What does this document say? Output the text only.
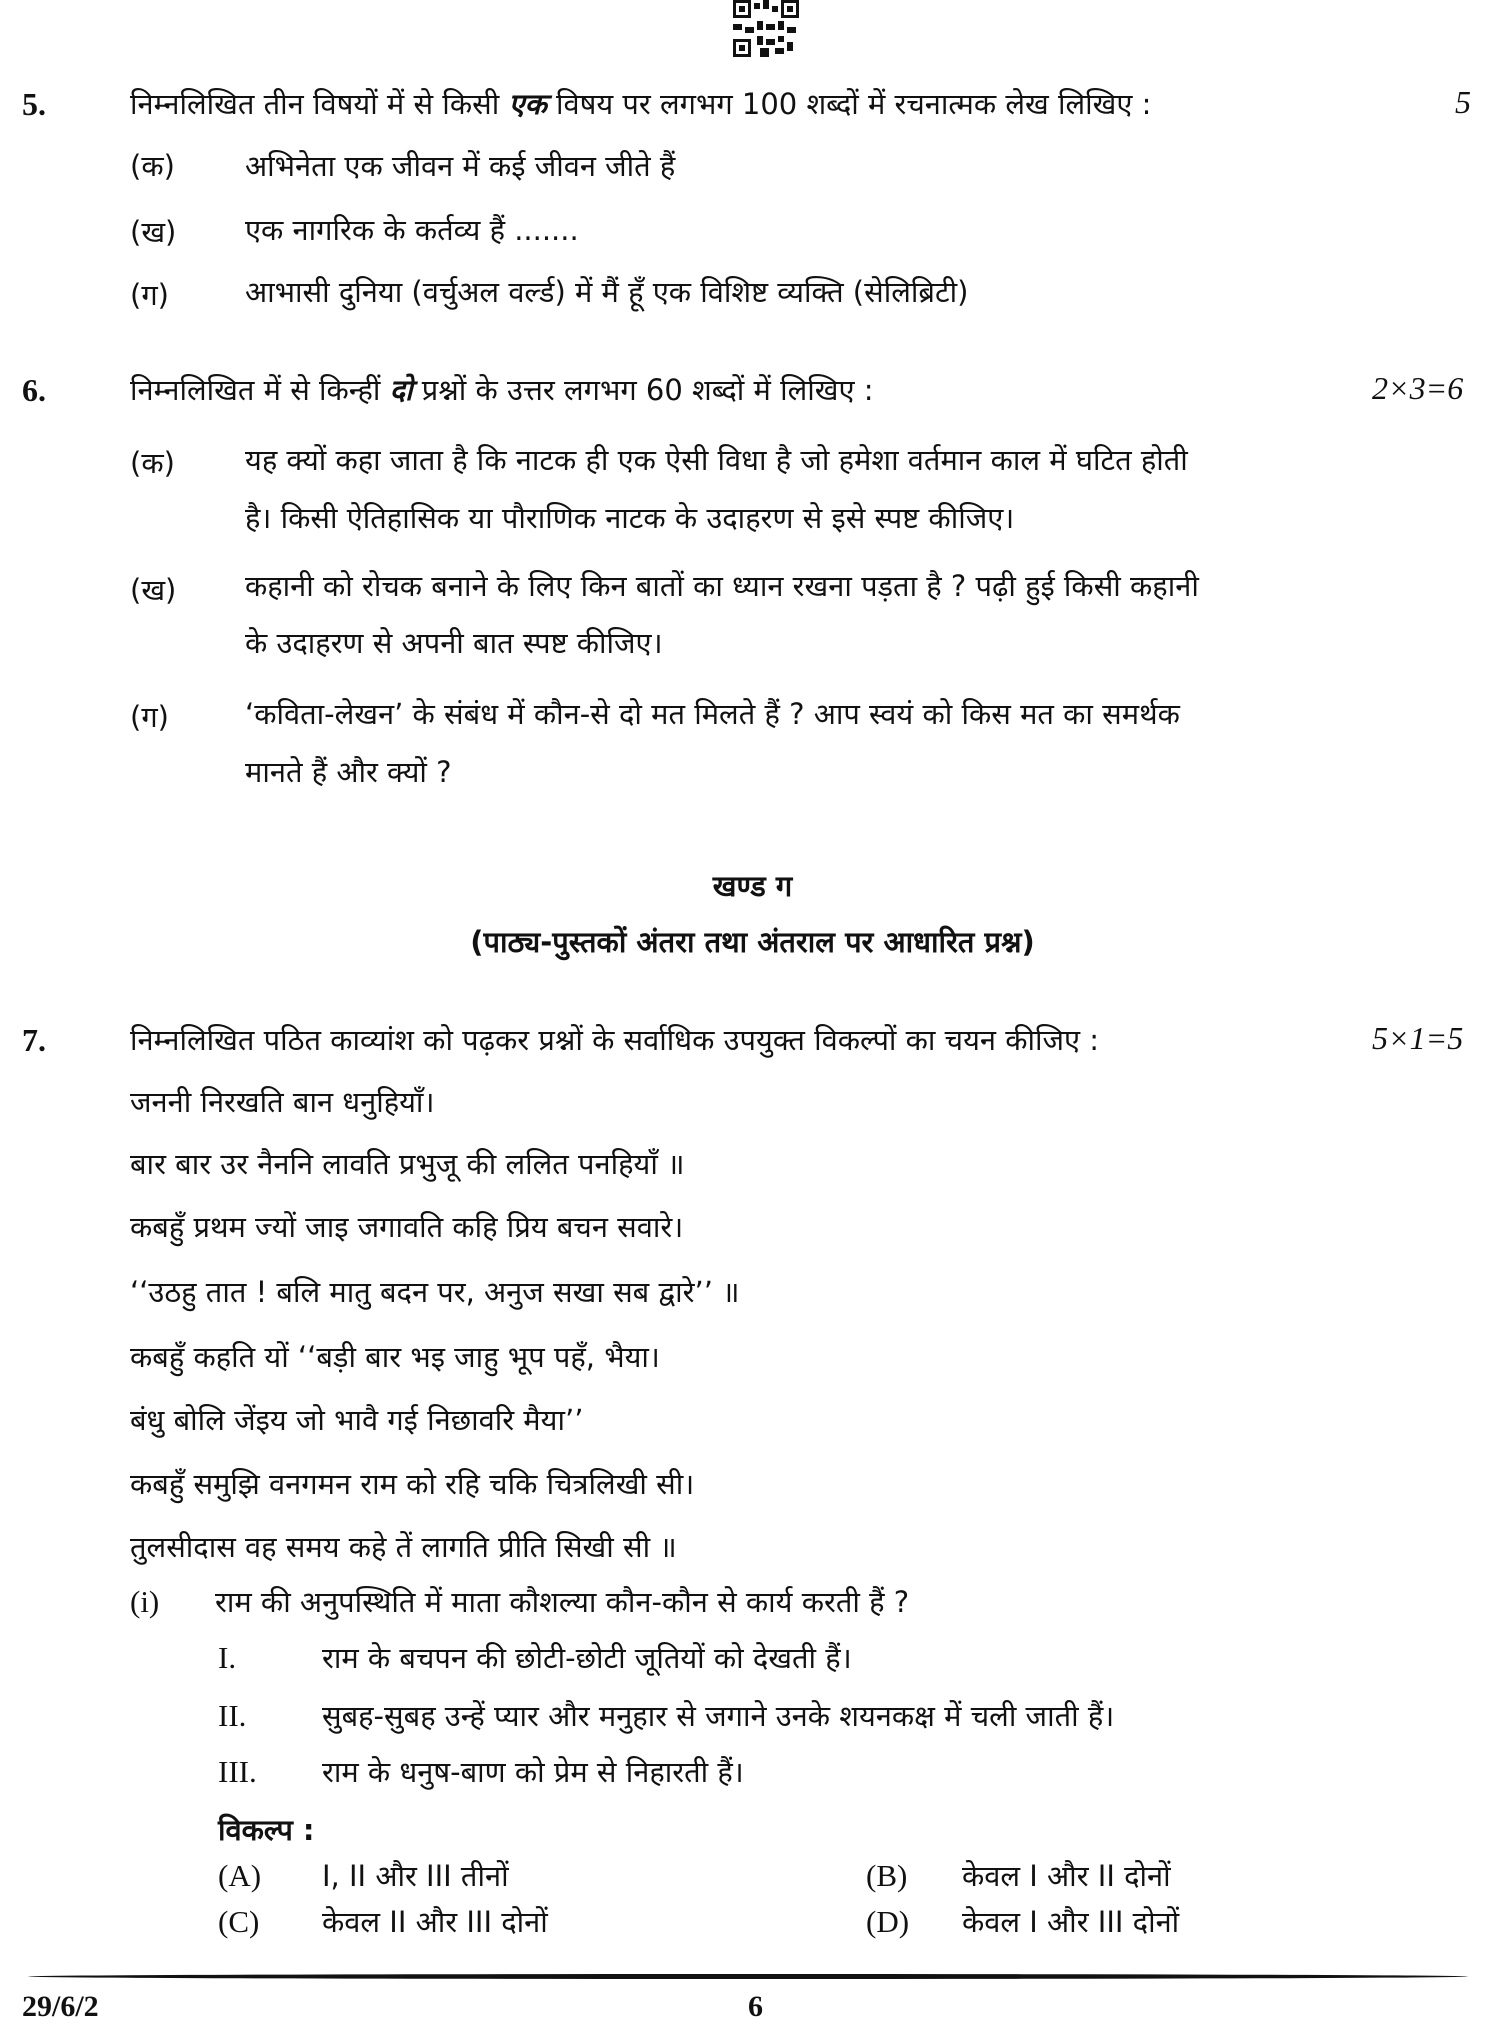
5.	निम्नलिखित तीन विषयों में से किसी एक विषय पर लगभग 100 शब्दों में रचनात्मक लेख लिखिए :	5
(क) अभिनेता एक जीवन में कई जीवन जीते हैं
(ख) एक नागरिक के कर्तव्य हैं .......
(ग)	आभासी दुनिया (वर्चुअल वर्ल्ड) में मैं हूँ एक विशिष्ट व्यक्ति (सेलिब्रिटी)
6.	निम्नलिखित में से किन्हीं दो प्रश्नों के उत्तर लगभग 60 शब्दों में लिखिए :	2×3=6
(क) यह क्यों कहा जाता है कि नाटक ही एक ऐसी विधा है जो हमेशा वर्तमान काल में घटित होती
है। किसी ऐतिहासिक या पौराणिक नाटक के उदाहरण से इसे स्पष्ट कीजिए।
(ख) कहानी को रोचक बनाने के लिए किन बातों का ध्यान रखना पड़ता है ? पढ़ी हुई किसी कहानी
के उदाहरण से अपनी बात स्पष्ट कीजिए।
(ग)	‘कविता-लेखन’ के संबंध में कौन-से दो मत मिलते हैं ? आप स्वयं को किस मत का समर्थक
मानते हैं और क्यों ?
खण्ड ग
(पाठ्य-पुस्तकों अंतरा तथा अंतराल पर आधारित प्रश्न)
7.	निम्नलिखित पठित काव्यांश को पढ़कर प्रश्नों के सर्वाधिक उपयुक्त विकल्पों का चयन कीजिए :	5×1=5
जननी निरखति बान धनुहियाँ।
बार बार उर नैननि लावति प्रभुजू की ललित पनहियाँ ॥
कबहुँ प्रथम ज्यों जाइ जगावति कहि प्रिय बचन सवारे।
‘‘उठहु तात ! बलि मातु बदन पर, अनुज सखा सब द्वारे’’ ॥
कबहुँ कहति यों ‘‘बड़ी बार भइ जाहु भूप पहँ, भैया।
बंधु बोलि जेंइय जो भावै गई निछावरि मैया’’
कबहुँ समुझि वनगमन राम को रहि चकि चित्रलिखी सी।
तुलसीदास वह समय कहे तें लागति प्रीति सिखी सी ॥
(i) राम की अनुपस्थिति में माता कौशल्या कौन-कौन से कार्य करती हैं ?
I.	राम के बचपन की छोटी-छोटी जूतियों को देखती हैं।
II.	सुबह-सुबह उन्हें प्यार और मनुहार से जगाने उनके शयनकक्ष में चली जाती हैं।
III. राम के धनुष-बाण को प्रेम से निहारती हैं।
विकल्प :
(A) I, II और III तीनों	(B) केवल I और II दोनों
(C) केवल II और III दोनों	(D) केवल I और III दोनों
29/6/2	6
